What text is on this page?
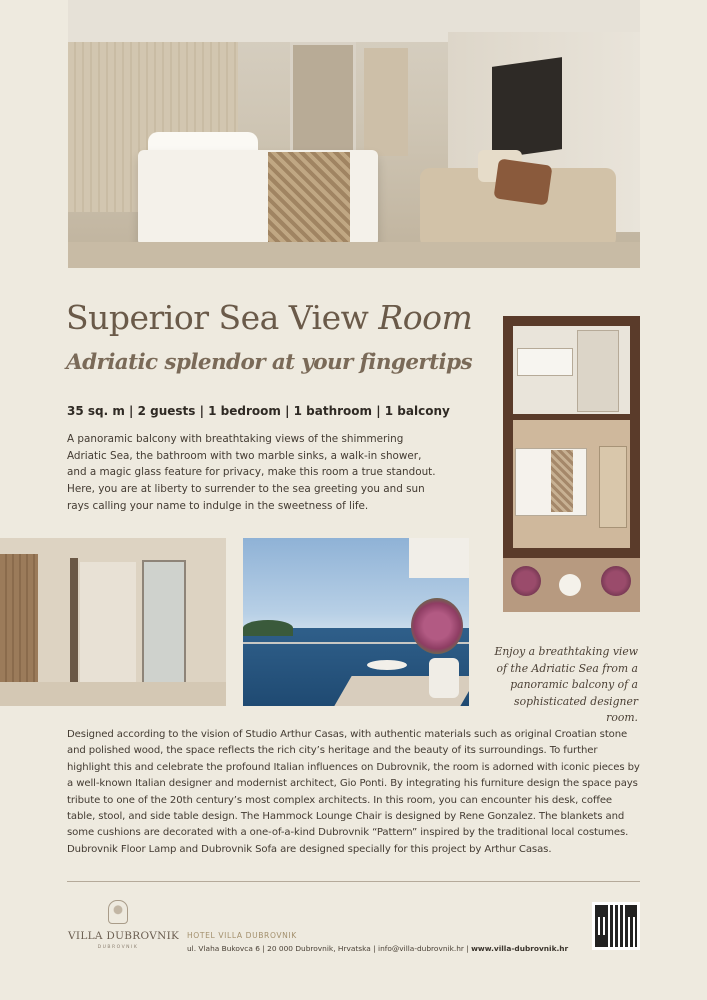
Superior Sea View Room
Adriatic splendor at your fingertips
35 sq. m | 2 guests | 1 bedroom | 1 bathroom | 1 balcony
A panoramic balcony with breathtaking views of the shimmering Adriatic Sea, the bathroom with two marble sinks, a walk-in shower, and a magic glass feature for privacy, make this room a true standout. Here, you are at liberty to surrender to the sea greeting you and sun rays calling your name to indulge in the sweetness of life.
Enjoy a breathtaking view of the Adriatic Sea from a panoramic balcony of a sophisticated designer room.
Designed according to the vision of Studio Arthur Casas, with authentic materials such as original Croatian stone and polished wood, the space reflects the rich city’s heritage and the beauty of its surroundings. To further highlight this and celebrate the profound Italian influences on Dubrovnik, the room is adorned with iconic pieces by a well-known Italian designer and modernist architect, Gio Ponti. By integrating his furniture design the space pays tribute to one of the 20th century’s most complex architects. In this room, you can encounter his desk, coffee table, stool, and side table design. The Hammock Lounge Chair is designed by Rene Gonzalez. The blankets and some cushions are decorated with a one-of-a-kind Dubrovnik “Pattern” inspired by the traditional local costumes. Dubrovnik Floor Lamp and Dubrovnik Sofa are designed specially for this project by Arthur Casas.
VILLA DUBROVNIK
DUBROVNIK
HOTEL VILLA DUBROVNIK
ul. Vlaha Bukovca 6 | 20 000 Dubrovnik, Hrvatska | info@villa-dubrovnik.hr | www.villa-dubrovnik.hr
